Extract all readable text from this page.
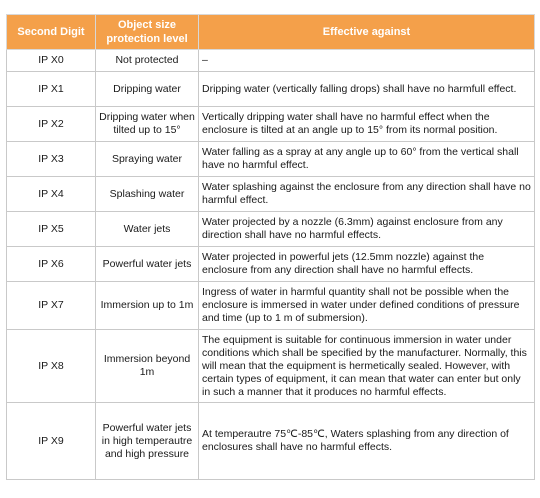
Second Digit	Object size protection level	Effective against
IP X0	Not protected	–
IP X1	Dripping water	Dripping water (vertically falling drops) shall have no harmfull effect.
IP X2	Dripping water when tilted up to 15°	Vertically dripping water shall have no harmful effect when the enclosure is tilted at an angle up to 15° from its normal position.
IP X3	Spraying water	Water falling as a spray at any angle up to 60° from the vertical shall have no harmful effect.
IP X4	Splashing water	Water splashing against the enclosure from any direction shall have no harmful effect.
IP X5	Water jets	Water projected by a nozzle (6.3mm) against enclosure from any direction shall have no harmful effects.
IP X6	Powerful water jets	Water projected in powerful jets (12.5mm nozzle) against the enclosure from any direction shall have no harmful effects.
IP X7	Immersion up to 1m	Ingress of water in harmful quantity shall not be possible when the enclosure is immersed in water under defined conditions of pressure and time (up to 1 m of submersion).
IP X8	Immersion beyond 1m	The equipment is suitable for continuous immersion in water under conditions which shall be specified by the manufacturer. Normally, this will mean that the equipment is hermetically sealed. However, with certain types of equipment, it can mean that water can enter but only in such a manner that it produces no harmful effects.
IP X9	Powerful water jets in high temperautre and high pressure	At temperautre 75℃-85℃, Waters splashing from any direction of enclosures shall have no harmful effects.
